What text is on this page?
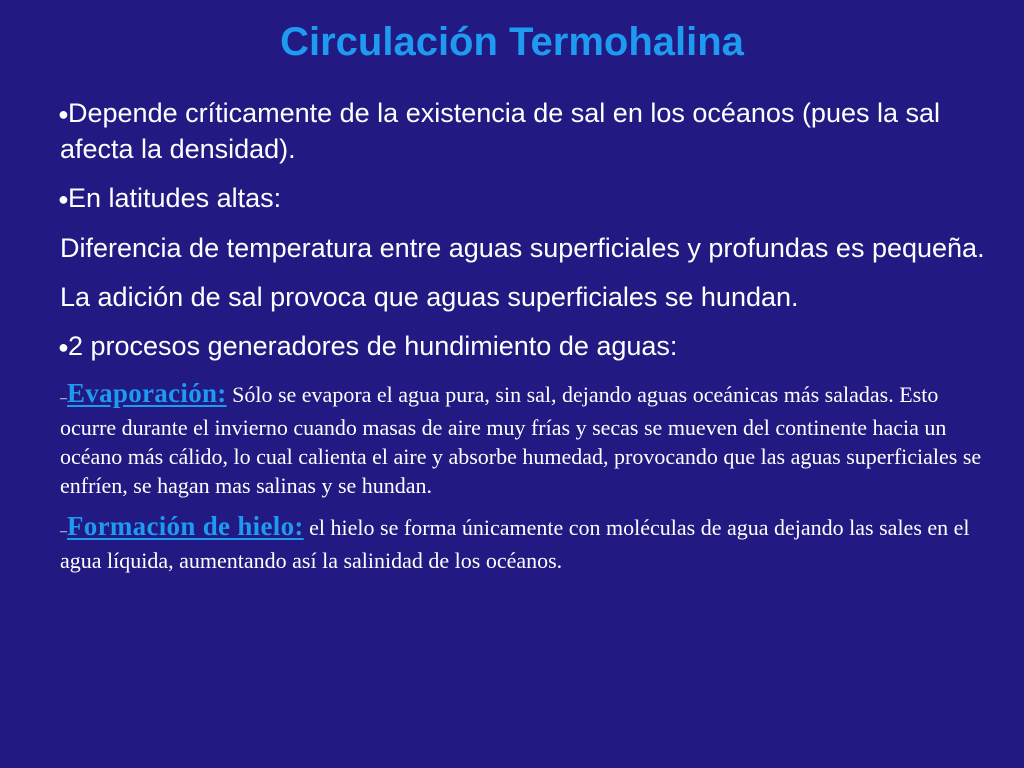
Circulación Termohalina

●Depende críticamente de la existencia de sal en los océanos (pues la sal afecta la densidad).

●En latitudes altas:

Diferencia de temperatura entre aguas superficiales y profundas es pequeña.

La adición de sal provoca que aguas superficiales se hundan.

●2 procesos generadores de hundimiento de aguas:

–Evaporación: Sólo se evapora el agua pura, sin sal, dejando aguas oceánicas más saladas. Esto ocurre durante el invierno cuando masas de aire muy frías y secas se mueven del continente hacia un océano más cálido, lo cual calienta el aire y absorbe humedad, provocando que las aguas superficiales se enfríen, se hagan mas salinas y se hundan.

–Formación de hielo: el hielo se forma únicamente con moléculas de agua dejando las sales en el agua líquida, aumentando así la salinidad de los océanos.
